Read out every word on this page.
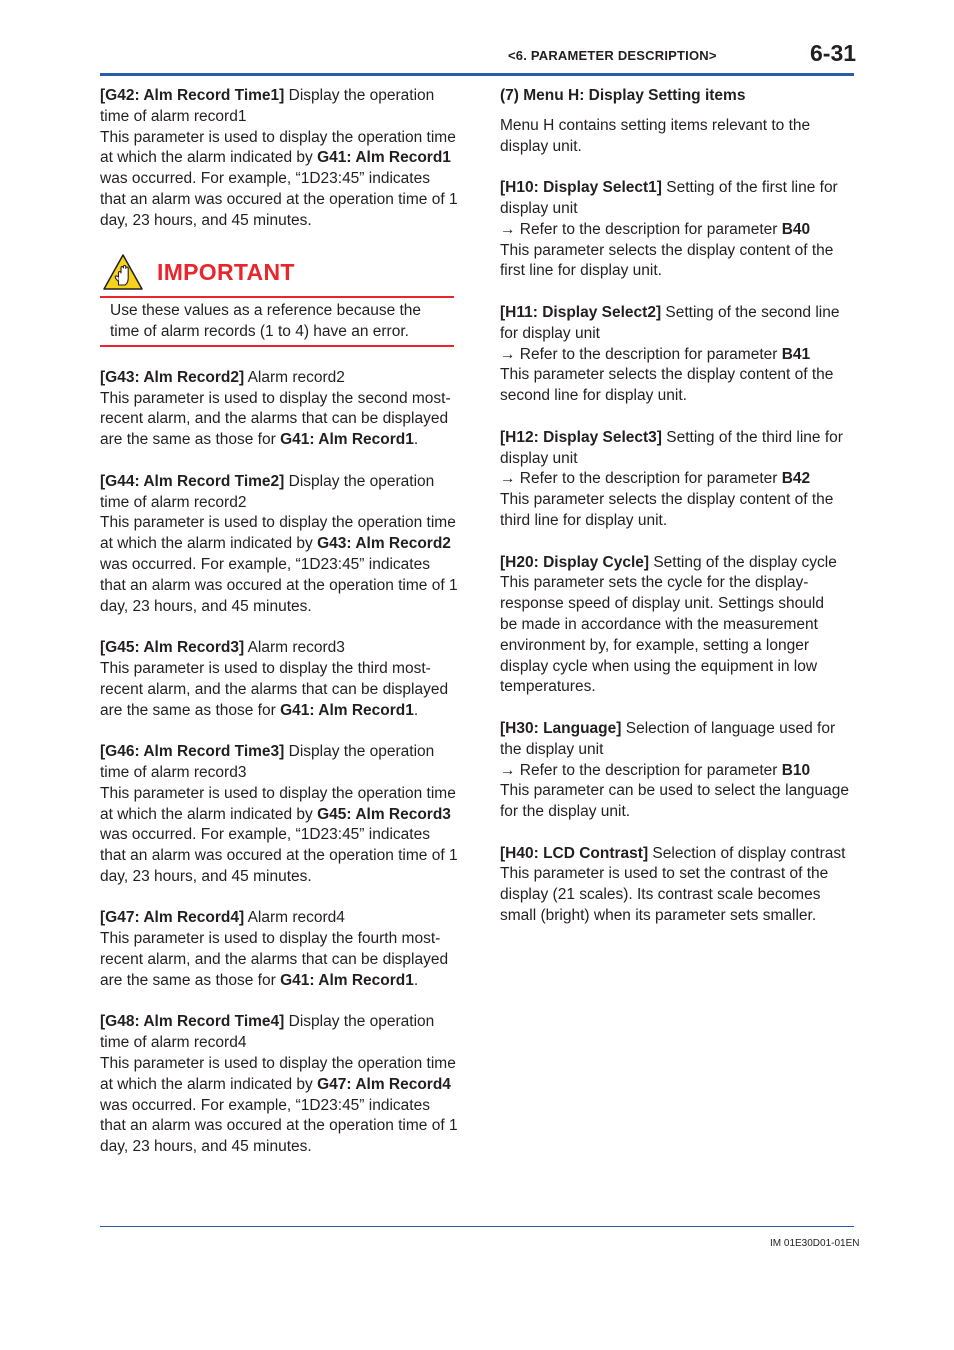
<6. PARAMETER DESCRIPTION>	6-31
[G42: Alm Record Time1] Display the operation
time of alarm record1
This parameter is used to display the operation time
at which the alarm indicated by G41: Alm Record1
was occurred. For example, “1D23:45” indicates
that an alarm was occured at the operation time of 1
day, 23 hours, and 45 minutes.
IMPORTANT
Use these values as a reference because the
time of alarm records (1 to 4) have an error.
[G43: Alm Record2] Alarm record2
This parameter is used to display the second most-
recent alarm, and the alarms that can be displayed
are the same as those for G41: Alm Record1.
[G44: Alm Record Time2] Display the operation
time of alarm record2
This parameter is used to display the operation time
at which the alarm indicated by G43: Alm Record2
was occurred. For example, “1D23:45” indicates
that an alarm was occured at the operation time of 1
day, 23 hours, and 45 minutes.
[G45: Alm Record3] Alarm record3
This parameter is used to display the third most-
recent alarm, and the alarms that can be displayed
are the same as those for G41: Alm Record1.
[G46: Alm Record Time3] Display the operation
time of alarm record3
This parameter is used to display the operation time
at which the alarm indicated by G45: Alm Record3
was occurred. For example, “1D23:45” indicates
that an alarm was occured at the operation time of 1
day, 23 hours, and 45 minutes.
[G47: Alm Record4] Alarm record4
This parameter is used to display the fourth most-
recent alarm, and the alarms that can be displayed
are the same as those for G41: Alm Record1.
[G48: Alm Record Time4] Display the operation
time of alarm record4
This parameter is used to display the operation time
at which the alarm indicated by G47: Alm Record4
was occurred. For example, “1D23:45” indicates
that an alarm was occured at the operation time of 1
day, 23 hours, and 45 minutes.
(7) Menu H: Display Setting items
Menu H contains setting items relevant to the
display unit.
[H10: Display Select1] Setting of the first line for
display unit
→ Refer to the description for parameter B40
This parameter selects the display content of the
first line for display unit.
[H11: Display Select2] Setting of the second line
for display unit
→ Refer to the description for parameter B41
This parameter selects the display content of the
second line for display unit.
[H12: Display Select3] Setting of the third line for
display unit
→ Refer to the description for parameter B42
This parameter selects the display content of the
third line for display unit.
[H20: Display Cycle] Setting of the display cycle
This parameter sets the cycle for the display-
response speed of display unit. Settings should
be made in accordance with the measurement
environment by, for example, setting a longer
display cycle when using the equipment in low
temperatures.
[H30: Language] Selection of language used for
the display unit
→ Refer to the description for parameter B10
This parameter can be used to select the language
for the display unit.
[H40: LCD Contrast] Selection of display contrast
This parameter is used to set the contrast of the
display (21 scales). Its contrast scale becomes
small (bright) when its parameter sets smaller.
IM 01E30D01-01EN
